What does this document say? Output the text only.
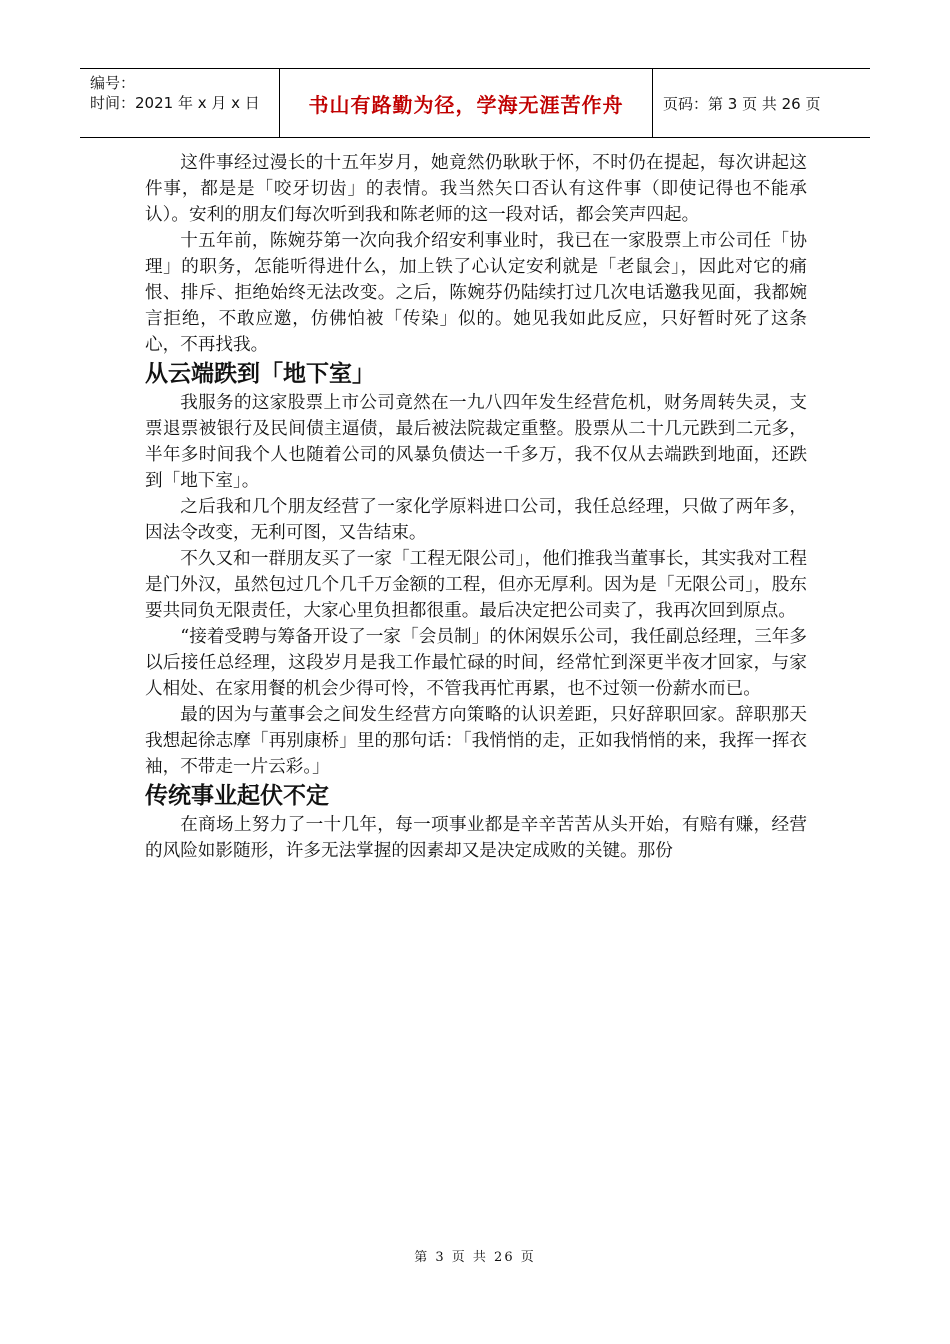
编号：
时间：2021 年 x 月 x 日	书山有路勤为径，学海无涯苦作舟	页码：第 3 页 共 26 页

这件事经过漫长的十五年岁月，她竟然仍耿耿于怀，不时仍在提起，每次讲起这件事，都是是「咬牙切齿」的表情。我当然矢口否认有这件事（即使记得也不能承认）。安利的朋友们每次听到我和陈老师的这一段对话，都会笑声四起。

十五年前，陈婉芬第一次向我介绍安利事业时，我已在一家股票上市公司任「协理」的职务，怎能听得进什么，加上铁了心认定安利就是「老鼠会」，因此对它的痛恨、排斥、拒绝始终无法改变。之后，陈婉芬仍陆续打过几次电话邀我见面，我都婉言拒绝，不敢应邀，仿佛怕被「传染」似的。她见我如此反应，只好暂时死了这条心，不再找我。

从云端跌到「地下室」

我服务的这家股票上市公司竟然在一九八四年发生经营危机，财务周转失灵，支票退票被银行及民间债主逼债，最后被法院裁定重整。股票从二十几元跌到二元多，半年多时间我个人也随着公司的风暴负债达一千多万，我不仅从去端跌到地面，还跌到「地下室」。

之后我和几个朋友经营了一家化学原料进口公司，我任总经理，只做了两年多，因法令改变，无利可图，又告结束。

不久又和一群朋友买了一家「工程无限公司」，他们推我当董事长，其实我对工程是门外汉，虽然包过几个几千万金额的工程，但亦无厚利。因为是「无限公司」，股东要共同负无限责任，大家心里负担都很重。最后决定把公司卖了，我再次回到原点。

“接着受聘与筹备开设了一家「会员制」的休闲娱乐公司，我任副总经理，三年多以后接任总经理，这段岁月是我工作最忙碌的时间，经常忙到深更半夜才回家，与家人相处、在家用餐的机会少得可怜，不管我再忙再累，也不过领一份薪水而已。

最的因为与董事会之间发生经营方向策略的认识差距，只好辞职回家。辞职那天我想起徐志摩「再别康桥」里的那句话：「我悄悄的走，正如我悄悄的来，我挥一挥衣袖，不带走一片云彩。」

传统事业起伏不定

在商场上努力了一十几年，每一项事业都是辛辛苦苦从头开始，有赔有赚，经营的风险如影随形，许多无法掌握的因素却又是决定成败的关键。那份

第 3 页 共 26 页
